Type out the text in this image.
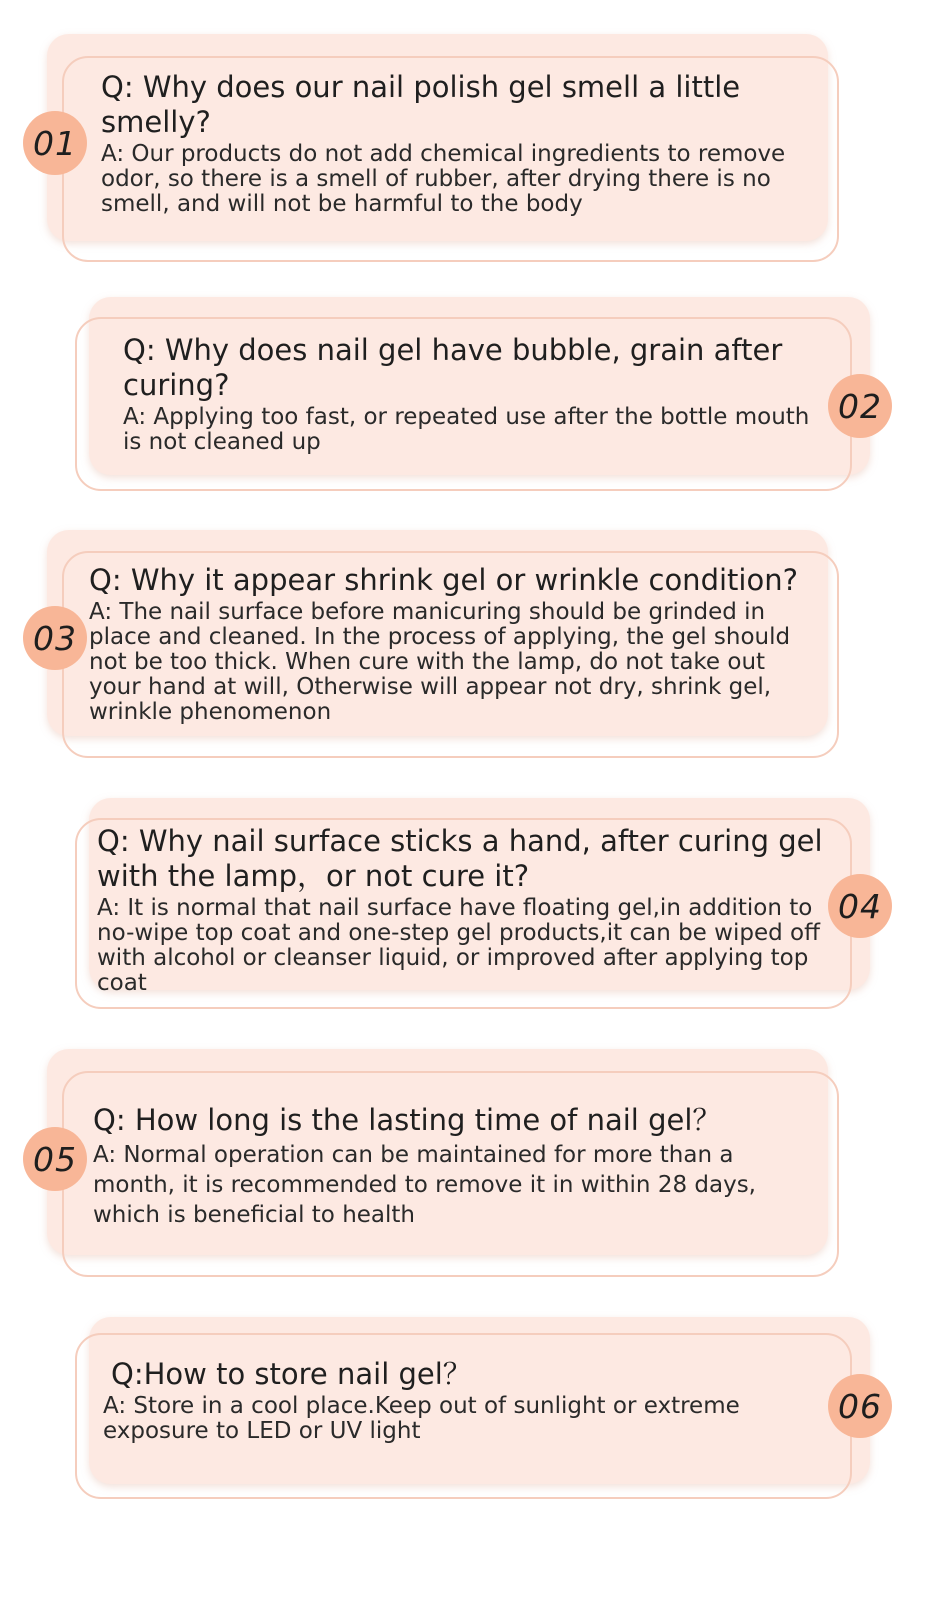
01

Q: Why does our nail polish gel smell a little smelly?

A: Our products do not add chemical ingredients to remove odor, so there is a smell of rubber, after drying there is no smell, and will not be harmful to the body

02

Q: Why does nail gel have bubble, grain after curing?

A: Applying too fast, or repeated use after the bottle mouth is not cleaned up

03

Q: Why it appear shrink gel or wrinkle condition?

A: The nail surface before manicuring should be grinded in place and cleaned. In the process of applying, the gel should not be too thick. When cure with the lamp, do not take out your hand at will, Otherwise will appear not dry, shrink gel, wrinkle phenomenon

04

Q: Why nail surface sticks a hand, after curing gel with the lamp，or not cure it?

A: It is normal that nail surface have floating gel,in addition to no-wipe top coat and one-step gel products,it can be wiped off with alcohol or cleanser liquid, or improved after applying top coat

05

Q: How long is the lasting time of nail gel？

A: Normal operation can be maintained for more than a month, it is recommended to remove it in within 28 days, which is beneficial to health

06

Q:How to store nail gel？

A: Store in a cool place.Keep out of sunlight or extreme exposure to LED or UV light
